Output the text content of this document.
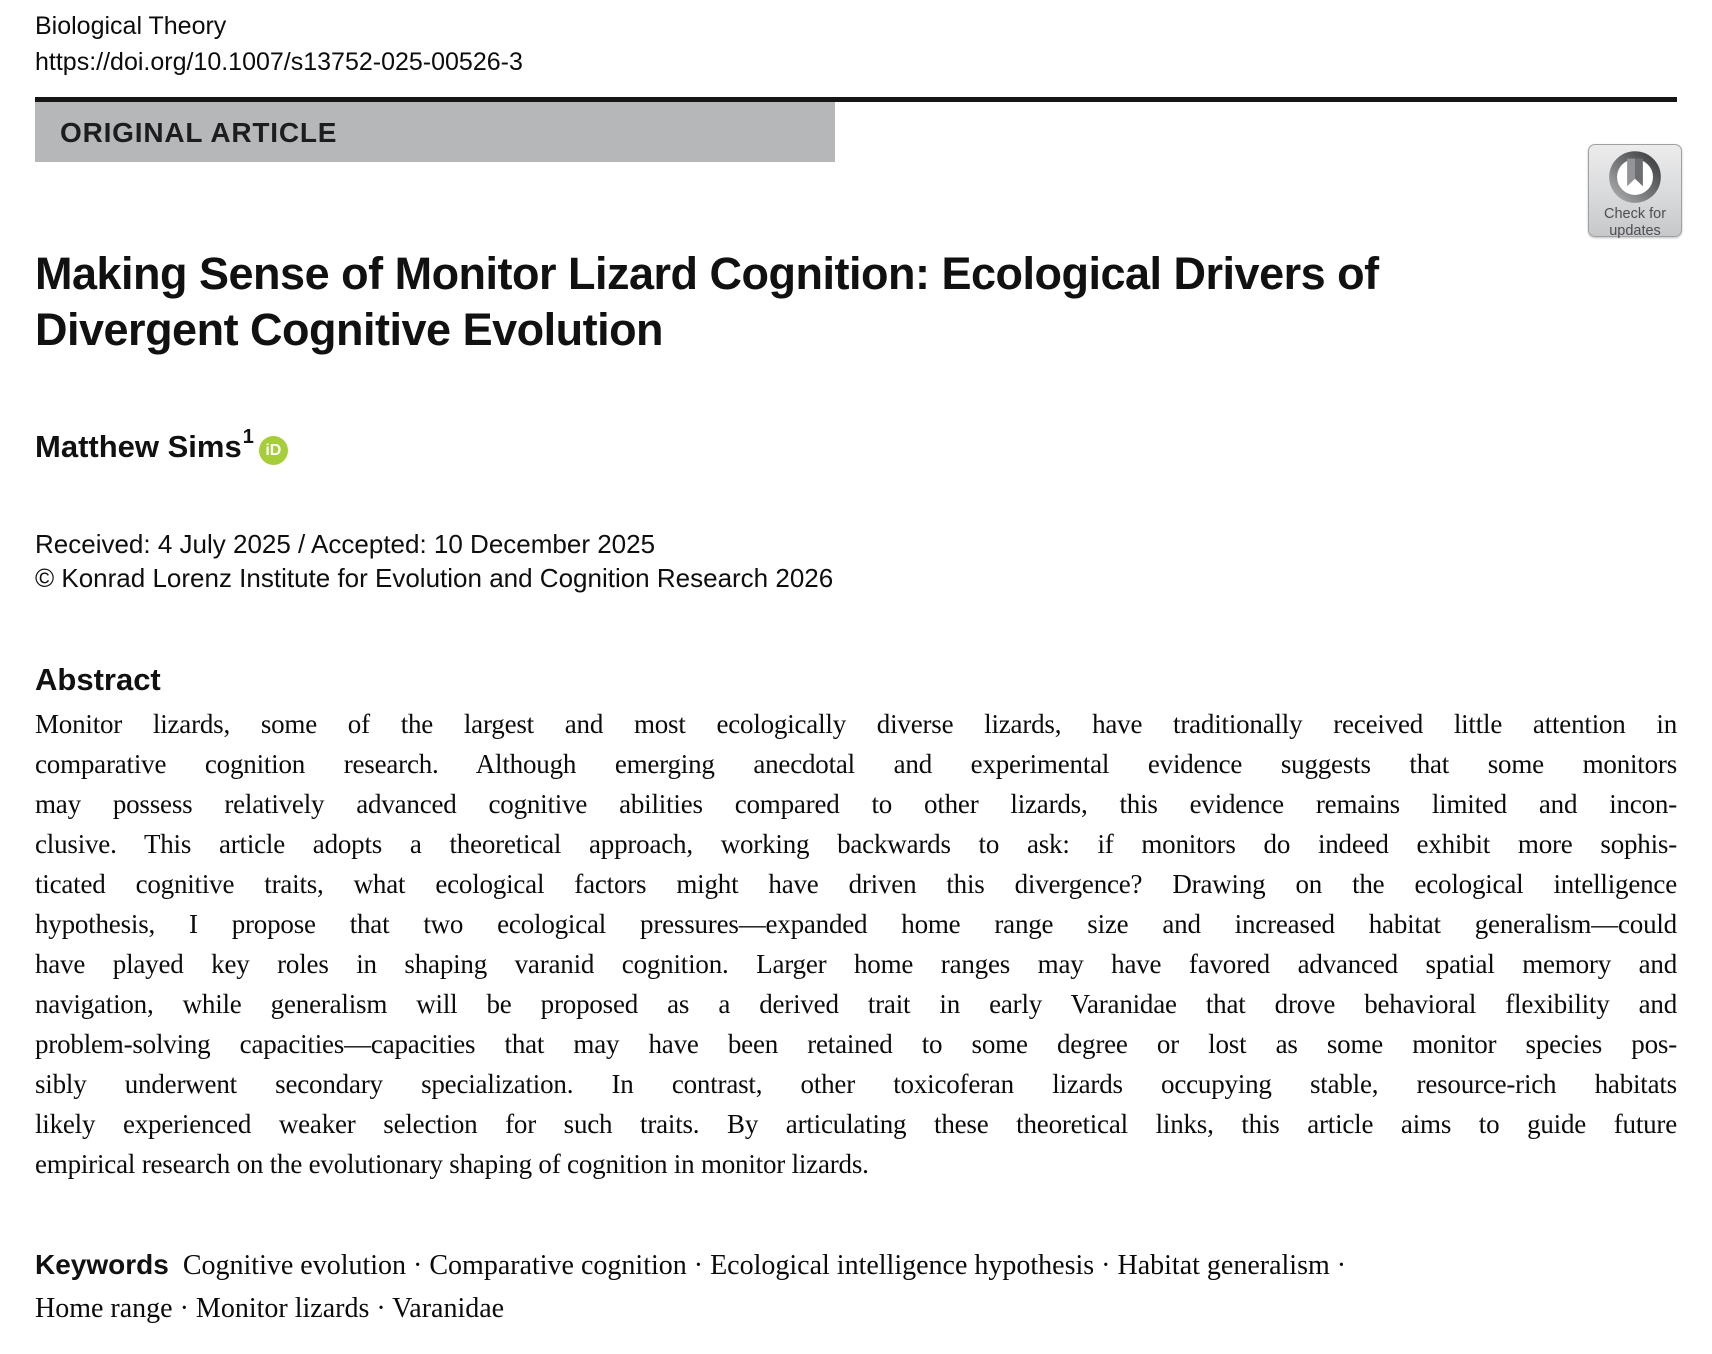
Biological Theory
https://doi.org/10.1007/s13752-025-00526-3
ORIGINAL ARTICLE
Check for
updates
Making Sense of Monitor Lizard Cognition: Ecological Drivers of
Divergent Cognitive Evolution
Matthew Sims$^1$iD
Received: 4 July 2025 / Accepted: 10 December 2025
© Konrad Lorenz Institute for Evolution and Cognition Research 2026
Abstract
Monitor lizards, some of the largest and most ecologically diverse lizards, have traditionally received little attention in
comparative cognition research. Although emerging anecdotal and experimental evidence suggests that some monitors
may possess relatively advanced cognitive abilities compared to other lizards, this evidence remains limited and incon-
clusive. This article adopts a theoretical approach, working backwards to ask: if monitors do indeed exhibit more sophis-
ticated cognitive traits, what ecological factors might have driven this divergence? Drawing on the ecological intelligence
hypothesis, I propose that two ecological pressures—expanded home range size and increased habitat generalism—could
have played key roles in shaping varanid cognition. Larger home ranges may have favored advanced spatial memory and
navigation, while generalism will be proposed as a derived trait in early Varanidae that drove behavioral flexibility and
problem-solving capacities—capacities that may have been retained to some degree or lost as some monitor species pos-
sibly underwent secondary specialization. In contrast, other toxicoferan lizards occupying stable, resource-rich habitats
likely experienced weaker selection for such traits. By articulating these theoretical links, this article aims to guide future
empirical research on the evolutionary shaping of cognition in monitor lizards.
Keywords Cognitive evolution · Comparative cognition · Ecological intelligence hypothesis · Habitat generalism ·
Home range · Monitor lizards · Varanidae
